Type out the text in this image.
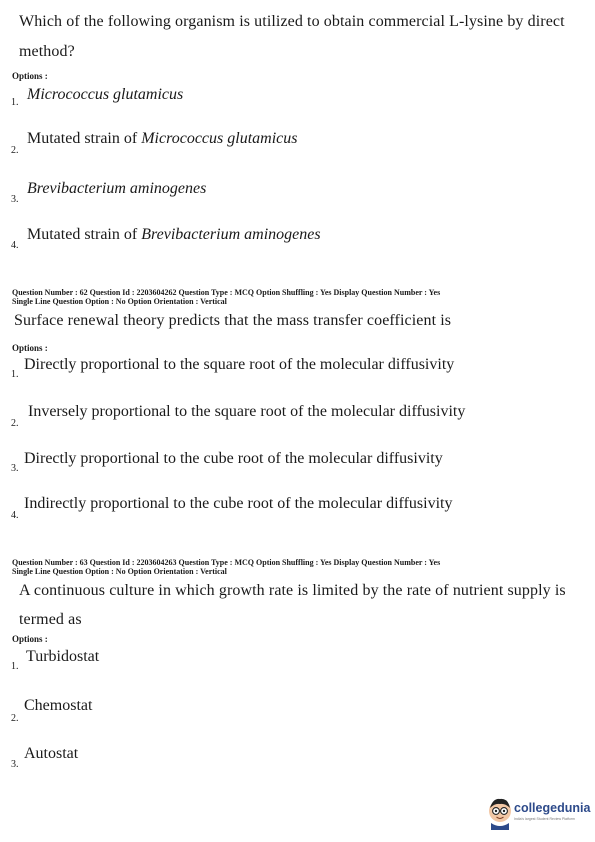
Which of the following organism is utilized to obtain commercial L-lysine by direct
method?
Options :
1. Micrococcus glutamicus
2.
Mutated strain of Micrococcus glutamicus
3.
Brevibacterium aminogenes
4.
Mutated strain of Brevibacterium aminogenes
Question Number : 62 Question Id : 2203604262 Question Type : MCQ Option Shuffling : Yes Display Question Number : Yes
Single Line Question Option : No Option Orientation : Vertical
Surface renewal theory predicts that the mass transfer coefficient is
Options :
1.
Directly proportional to the square root of the molecular diffusivity
2.
Inversely proportional to the square root of the molecular diffusivity
3.
Directly proportional to the cube root of the molecular diffusivity
4.
Indirectly proportional to the cube root of the molecular diffusivity
Question Number : 63 Question Id : 2203604263 Question Type : MCQ Option Shuffling : Yes Display Question Number : Yes
Single Line Question Option : No Option Orientation : Vertical
A continuous culture in which growth rate is limited by the rate of nutrient supply is
termed as
Options :
1.
Turbidostat
2.
Chemostat
3.
Autostat
collegedunia
India's largest Student Review Platform
